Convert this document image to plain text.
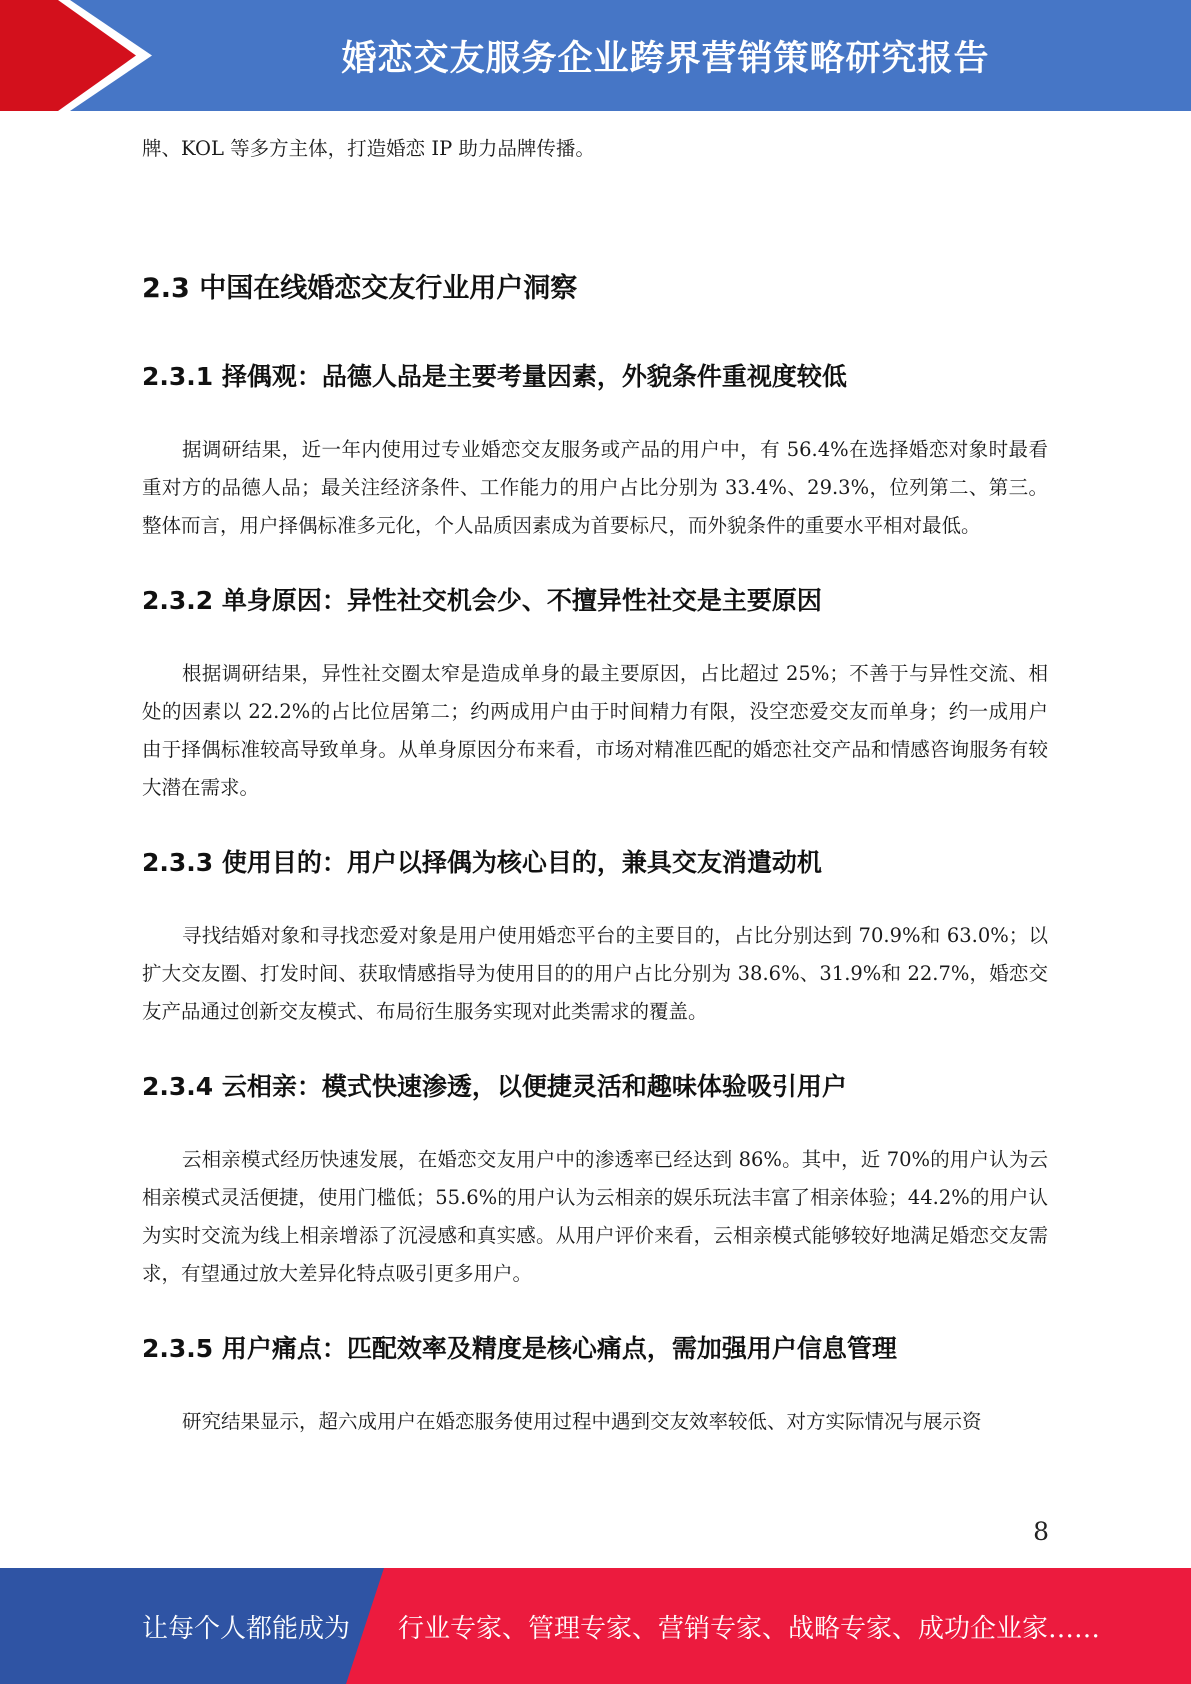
婚恋交友服务企业跨界营销策略研究报告

牌、KOL 等多方主体，打造婚恋 IP 助力品牌传播。

2.3 中国在线婚恋交友行业用户洞察
2.3.1 择偶观：品德人品是主要考量因素，外貌条件重视度较低

据调研结果，近一年内使用过专业婚恋交友服务或产品的用户中，有 56.4%在选择婚恋对象时最看重对方的品德人品；最关注经济条件、工作能力的用户占比分别为 33.4%、29.3%，位列第二、第三。整体而言，用户择偶标准多元化，个人品质因素成为首要标尺，而外貌条件的重要水平相对最低。

2.3.2 单身原因：异性社交机会少、不擅异性社交是主要原因

根据调研结果，异性社交圈太窄是造成单身的最主要原因，占比超过 25%；不善于与异性交流、相处的因素以 22.2%的占比位居第二；约两成用户由于时间精力有限，没空恋爱交友而单身；约一成用户由于择偶标准较高导致单身。从单身原因分布来看，市场对精准匹配的婚恋社交产品和情感咨询服务有较大潜在需求。

2.3.3 使用目的：用户以择偶为核心目的，兼具交友消遣动机

寻找结婚对象和寻找恋爱对象是用户使用婚恋平台的主要目的，占比分别达到 70.9%和 63.0%；以扩大交友圈、打发时间、获取情感指导为使用目的的用户占比分别为 38.6%、31.9%和 22.7%，婚恋交友产品通过创新交友模式、布局衍生服务实现对此类需求的覆盖。

2.3.4 云相亲：模式快速渗透，以便捷灵活和趣味体验吸引用户

云相亲模式经历快速发展，在婚恋交友用户中的渗透率已经达到 86%。其中，近 70%的用户认为云相亲模式灵活便捷，使用门槛低；55.6%的用户认为云相亲的娱乐玩法丰富了相亲体验；44.2%的用户认为实时交流为线上相亲增添了沉浸感和真实感。从用户评价来看，云相亲模式能够较好地满足婚恋交友需求，有望通过放大差异化特点吸引更多用户。

2.3.5 用户痛点：匹配效率及精度是核心痛点，需加强用户信息管理

研究结果显示，超六成用户在婚恋服务使用过程中遇到交友效率较低、对方实际情况与展示资

8
让每个人都能成为 行业专家、管理专家、营销专家、战略专家、成功企业家……
